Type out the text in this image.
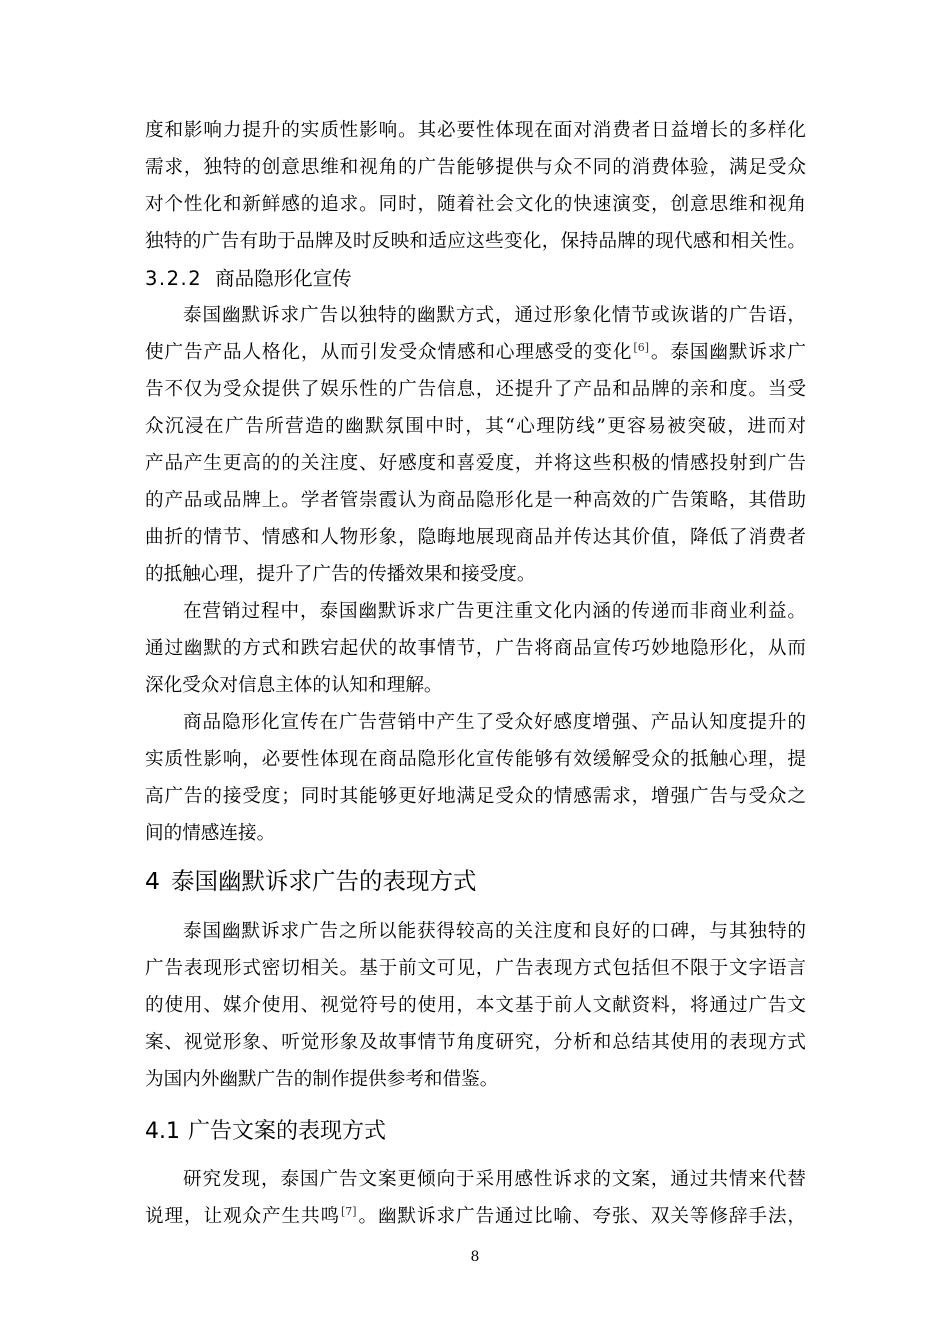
度和影响力提升的实质性影响。其必要性体现在面对消费者日益增长的多样化
需求，独特的创意思维和视角的广告能够提供与众不同的消费体验，满足受众
对个性化和新鲜感的追求。同时，随着社会文化的快速演变，创意思维和视角
独特的广告有助于品牌及时反映和适应这些变化，保持品牌的现代感和相关性。
3.2.2 商品隐形化宣传
泰国幽默诉求广告以独特的幽默方式，通过形象化情节或诙谐的广告语，
使广告产品人格化，从而引发受众情感和心理感受的变化[6]。泰国幽默诉求广
告不仅为受众提供了娱乐性的广告信息，还提升了产品和品牌的亲和度。当受
众沉浸在广告所营造的幽默氛围中时，其“心理防线”更容易被突破，进而对
产品产生更高的的关注度、好感度和喜爱度，并将这些积极的情感投射到广告
的产品或品牌上。学者管崇霞认为商品隐形化是一种高效的广告策略，其借助
曲折的情节、情感和人物形象，隐晦地展现商品并传达其价值，降低了消费者
的抵触心理，提升了广告的传播效果和接受度。
在营销过程中，泰国幽默诉求广告更注重文化内涵的传递而非商业利益。
通过幽默的方式和跌宕起伏的故事情节，广告将商品宣传巧妙地隐形化，从而
深化受众对信息主体的认知和理解。
商品隐形化宣传在广告营销中产生了受众好感度增强、产品认知度提升的
实质性影响，必要性体现在商品隐形化宣传能够有效缓解受众的抵触心理，提
高广告的接受度；同时其能够更好地满足受众的情感需求，增强广告与受众之
间的情感连接。
4 泰国幽默诉求广告的表现方式
泰国幽默诉求广告之所以能获得较高的关注度和良好的口碑，与其独特的
广告表现形式密切相关。基于前文可见，广告表现方式包括但不限于文字语言
的使用、媒介使用、视觉符号的使用，本文基于前人文献资料，将通过广告文
案、视觉形象、听觉形象及故事情节角度研究，分析和总结其使用的表现方式
为国内外幽默广告的制作提供参考和借鉴。
4.1 广告文案的表现方式
研究发现，泰国广告文案更倾向于采用感性诉求的文案，通过共情来代替
说理，让观众产生共鸣[7]。幽默诉求广告通过比喻、夸张、双关等修辞手法，
8
